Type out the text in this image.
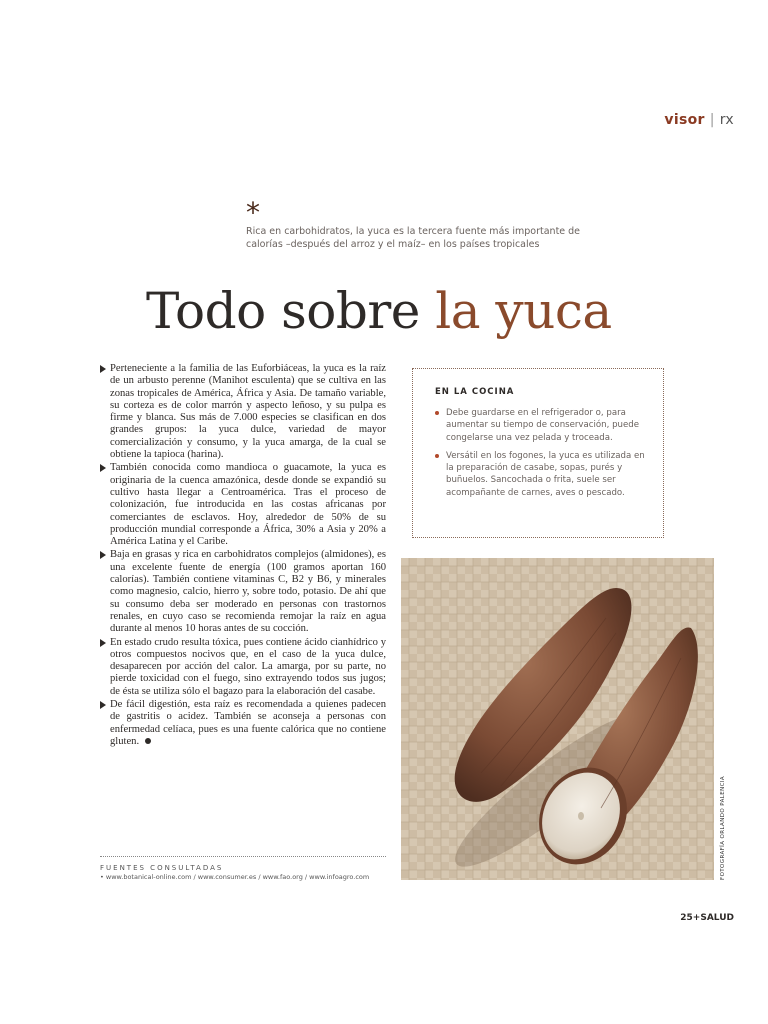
visor | rx
*
Rica en carbohidratos, la yuca es la tercera fuente más importante de calorías –después del arroz y el maíz– en los países tropicales
Todo sobre la yuca

Perteneciente a la familia de las Euforbiáceas, la yuca es la raíz de un arbusto perenne (Manihot esculenta) que se cultiva en las zonas tropicales de América, África y Asia. De tamaño variable, su corteza es de color marrón y aspecto leñoso, y su pulpa es firme y blanca. Sus más de 7.000 especies se clasifican en dos grandes grupos: la yuca dulce, variedad de mayor comercialización y consumo, y la yuca amarga, de la cual se obtiene la tapioca (harina).

También conocida como mandioca o guacamote, la yuca es originaria de la cuenca amazónica, desde donde se expandió su cultivo hasta llegar a Centroamérica. Tras el proceso de colonización, fue introducida en las costas africanas por comerciantes de esclavos. Hoy, alrededor de 50% de su producción mundial corresponde a África, 30% a Asia y 20% a América Latina y el Caribe.

Baja en grasas y rica en carbohidratos complejos (almidones), es una excelente fuente de energía (100 gramos aportan 160 calorías). También contiene vitaminas C, B2 y B6, y minerales como magnesio, calcio, hierro y, sobre todo, potasio. De ahí que su consumo deba ser moderado en personas con trastornos renales, en cuyo caso se recomienda remojar la raíz en agua durante al menos 10 horas antes de su cocción.

En estado crudo resulta tóxica, pues contiene ácido cianhídrico y otros compuestos nocivos que, en el caso de la yuca dulce, desaparecen por acción del calor. La amarga, por su parte, no pierde toxicidad con el fuego, sino extrayendo todos sus jugos; de ésta se utiliza sólo el bagazo para la elaboración del casabe.

De fácil digestión, esta raíz es recomendada a quienes padecen de gastritis o acidez. También se aconseja a personas con enfermedad celíaca, pues es una fuente calórica que no contiene gluten.

FUENTES CONSULTADAS
• www.botanical-online.com / www.consumer.es / www.fao.org / www.infoagro.com
EN LA COCINA
Debe guardarse en el refrigerador o, para aumentar su tiempo de conservación, puede congelarse una vez pelada y troceada.
Versátil en los fogones, la yuca es utilizada en la preparación de casabe, sopas, purés y buñuelos. Sancochada o frita, suele ser acompañante de carnes, aves o pescado.
FOTOGRAFÍA ORLANDO PALENCIA
25+SALUD
